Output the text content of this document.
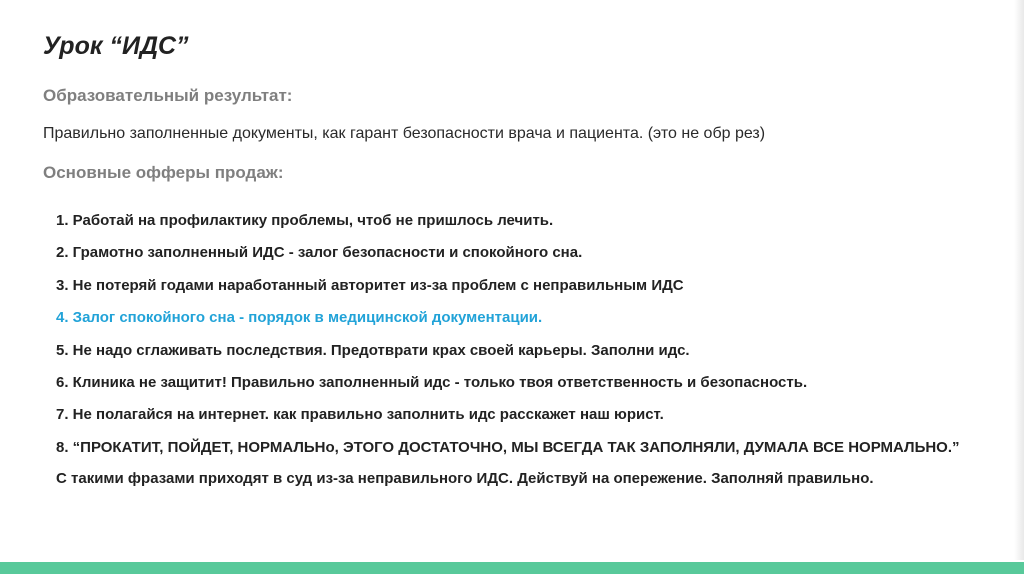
Урок “ИДС”
Образовательный результат:

Правильно заполненные документы, как гарант безопасности врача и пациента. (это не обр рез)

Основные офферы продаж:
1. Работай на профилактику проблемы, чтоб не пришлось лечить.
2. Грамотно заполненный ИДС - залог безопасности и спокойного сна.
3. Не потеряй годами наработанный авторитет из-за проблем с неправильным ИДС
4. Залог спокойного сна - порядок в медицинской документации.
5. Не надо сглаживать последствия. Предотврати крах своей карьеры. Заполни идс.
6. Клиника не защитит! Правильно заполненный идс - только твоя ответственность и безопасность.
7. Не полагайся на интернет. как правильно заполнить идс расскажет наш юрист.
8. “ПРОКАТИТ, ПОЙДЕТ, НОРМАЛЬНо, ЭТОГО ДОСТАТОЧНО, МЫ ВСЕГДА ТАК ЗАПОЛНЯЛИ, ДУМАЛА ВСЕ НОРМАЛЬНО.”
С такими фразами приходят в суд из-за неправильного ИДС. Действуй на опережение. Заполняй правильно.
